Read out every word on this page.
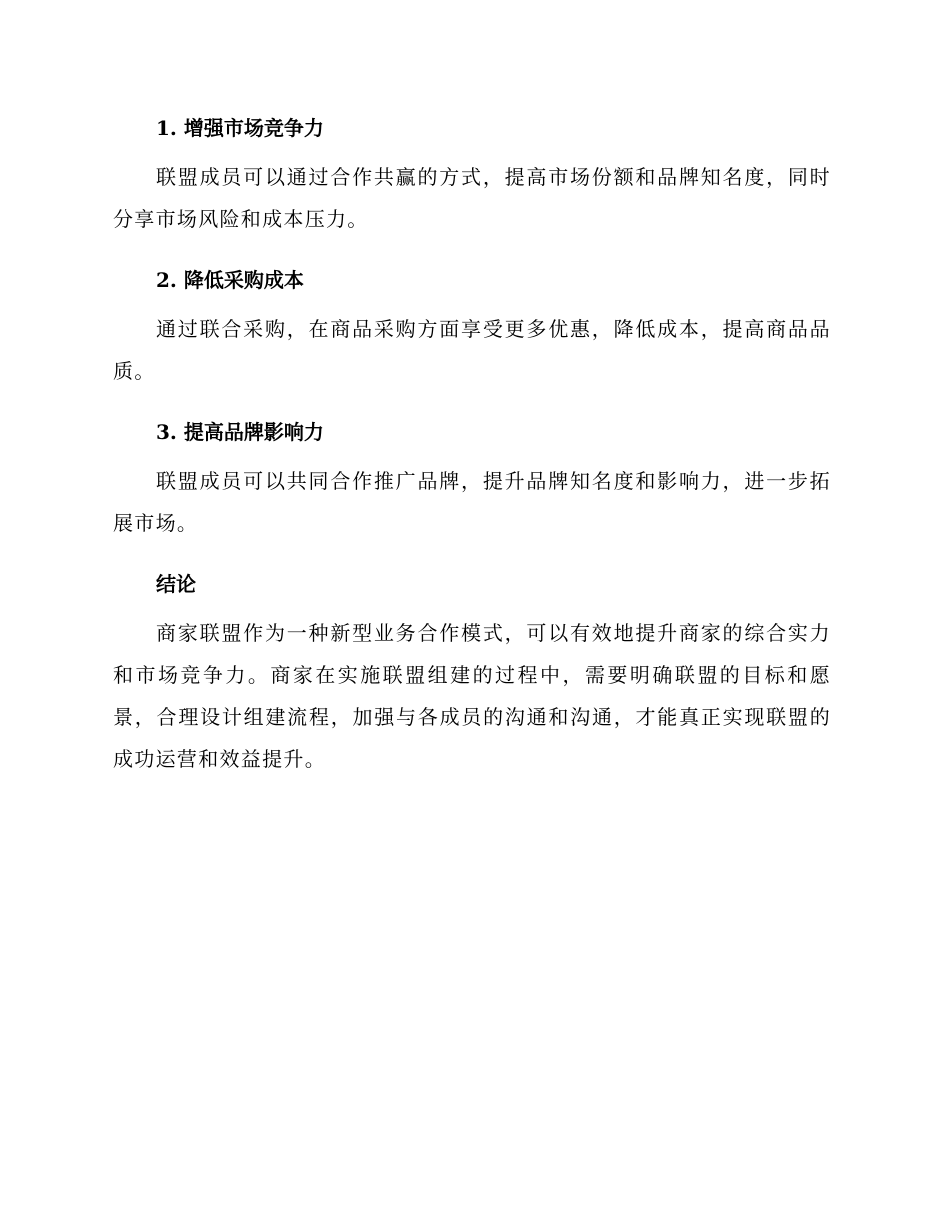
1. 增强市场竞争力

联盟成员可以通过合作共赢的方式，提高市场份额和品牌知名度，同时分享市场风险和成本压力。

2. 降低采购成本

通过联合采购，在商品采购方面享受更多优惠，降低成本，提高商品品质。

3. 提高品牌影响力

联盟成员可以共同合作推广品牌，提升品牌知名度和影响力，进一步拓展市场。

结论

商家联盟作为一种新型业务合作模式，可以有效地提升商家的综合实力和市场竞争力。商家在实施联盟组建的过程中，需要明确联盟的目标和愿景，合理设计组建流程，加强与各成员的沟通和沟通，才能真正实现联盟的成功运营和效益提升。
